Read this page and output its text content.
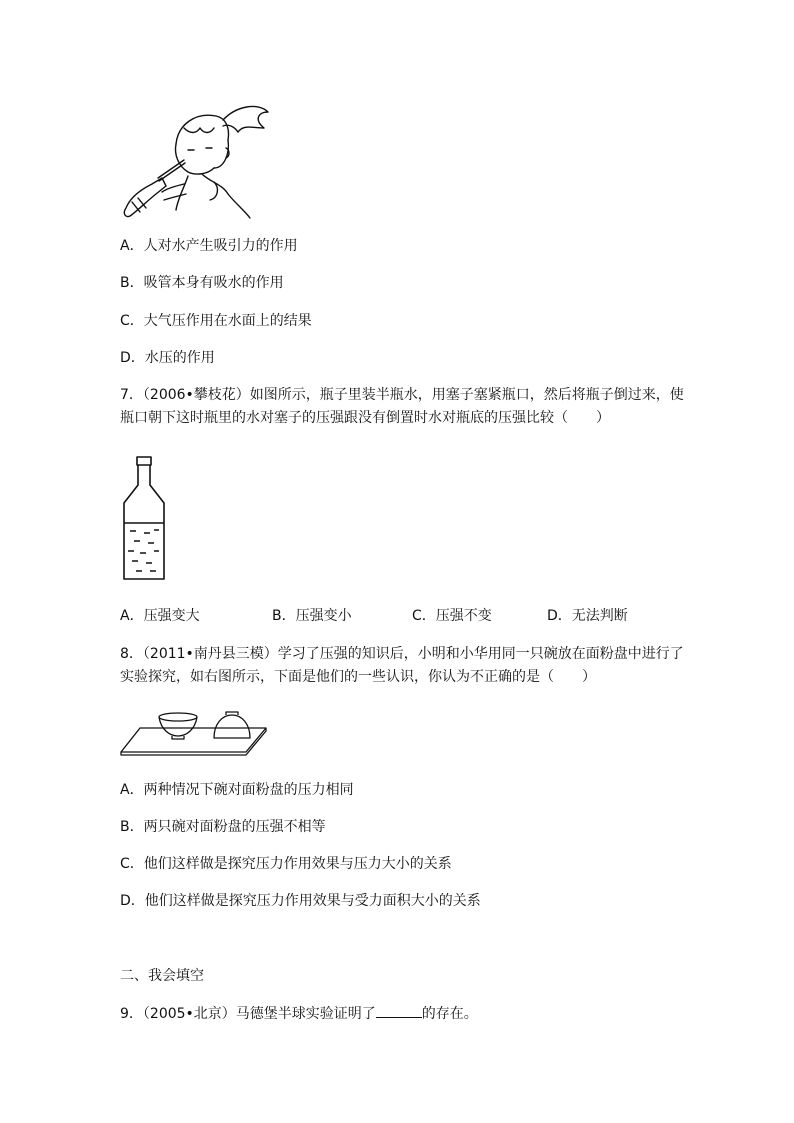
A．人对水产生吸引力的作用
B．吸管本身有吸水的作用
C．大气压作用在水面上的结果
D．水压的作用
7．（2006•攀枝花）如图所示，瓶子里装半瓶水，用塞子塞紧瓶口，然后将瓶子倒过来，使
瓶口朝下这时瓶里的水对塞子的压强跟没有倒置时水对瓶底的压强比较（　　）
A．压强变大	B．压强变小	C．压强不变	D．无法判断
8．（2011•南丹县三模）学习了压强的知识后，小明和小华用同一只碗放在面粉盘中进行了
实验探究，如右图所示，下面是他们的一些认识，你认为不正确的是（　　）
A．两种情况下碗对面粉盘的压力相同
B．两只碗对面粉盘的压强不相等
C．他们这样做是探究压力作用效果与压力大小的关系
D．他们这样做是探究压力作用效果与受力面积大小的关系
二、我会填空
9．（2005•北京）马德堡半球实验证明了	的存在。
